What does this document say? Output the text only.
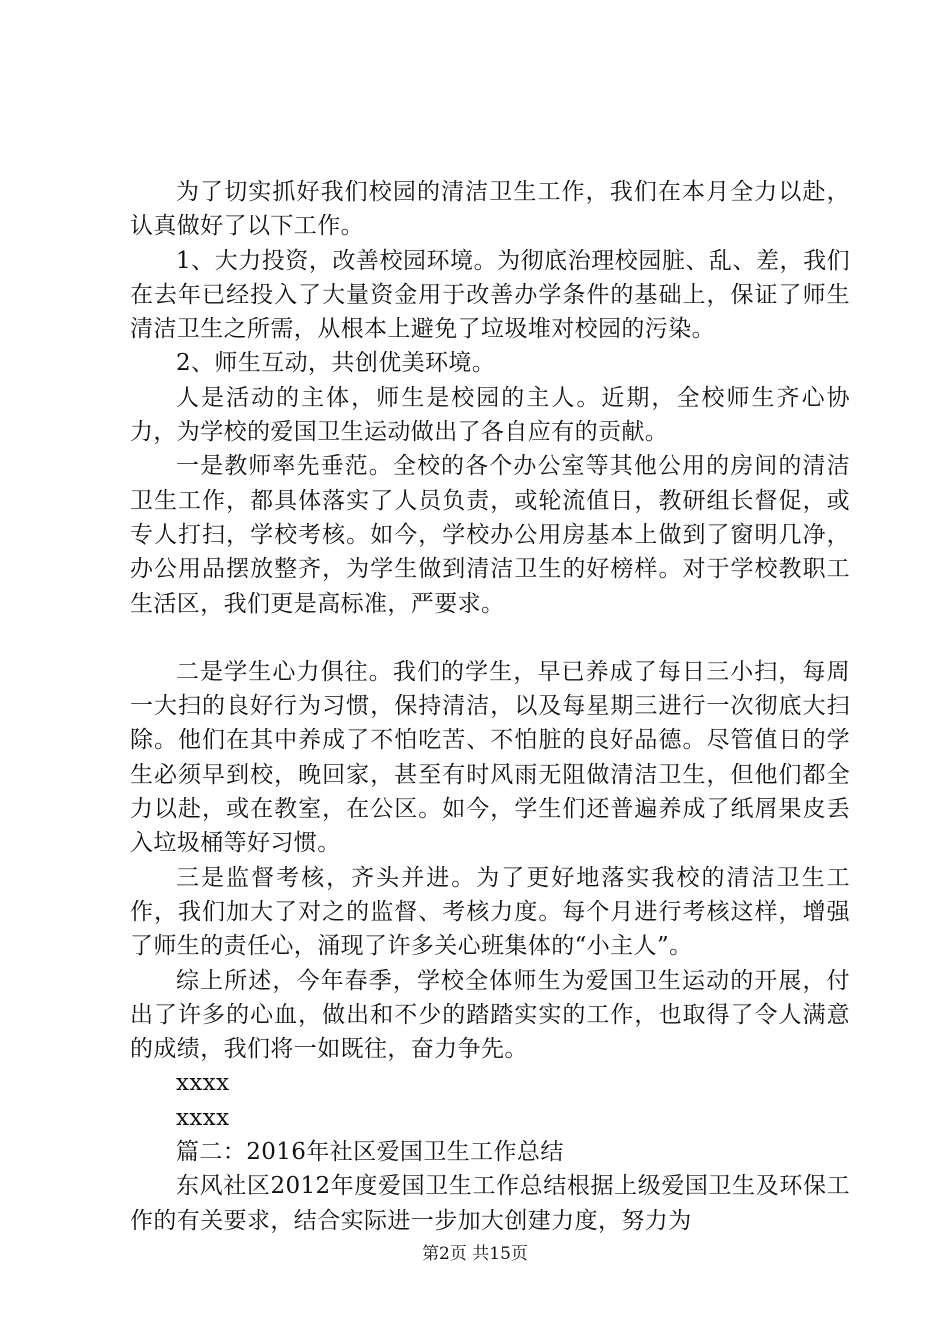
为了切实抓好我们校园的清洁卫生工作，我们在本月全力以赴，认真做好了以下工作。

1、大力投资，改善校园环境。为彻底治理校园脏、乱、差，我们在去年已经投入了大量资金用于改善办学条件的基础上，保证了师生清洁卫生之所需，从根本上避免了垃圾堆对校园的污染。

2、师生互动，共创优美环境。

人是活动的主体，师生是校园的主人。近期，全校师生齐心协力，为学校的爱国卫生运动做出了各自应有的贡献。

一是教师率先垂范。全校的各个办公室等其他公用的房间的清洁卫生工作，都具体落实了人员负责，或轮流值日，教研组长督促，或专人打扫，学校考核。如今，学校办公用房基本上做到了窗明几净，办公用品摆放整齐，为学生做到清洁卫生的好榜样。对于学校教职工生活区，我们更是高标准，严要求。

二是学生心力俱往。我们的学生，早已养成了每日三小扫，每周一大扫的良好行为习惯，保持清洁，以及每星期三进行一次彻底大扫除。他们在其中养成了不怕吃苦、不怕脏的良好品德。尽管值日的学生必须早到校，晚回家，甚至有时风雨无阻做清洁卫生，但他们都全力以赴，或在教室，在公区。如今，学生们还普遍养成了纸屑果皮丢入垃圾桶等好习惯。

三是监督考核，齐头并进。为了更好地落实我校的清洁卫生工作，我们加大了对之的监督、考核力度。每个月进行考核这样，增强了师生的责任心，涌现了许多关心班集体的“小主人”。

综上所述，今年春季，学校全体师生为爱国卫生运动的开展，付出了许多的心血，做出和不少的踏踏实实的工作，也取得了令人满意的成绩，我们将一如既往，奋力争先。

xxxx

xxxx

篇二：2016年社区爱国卫生工作总结

东风社区2012年度爱国卫生工作总结根据上级爱国卫生及环保工作的有关要求，结合实际进一步加大创建力度，努力为

第2页 共15页
